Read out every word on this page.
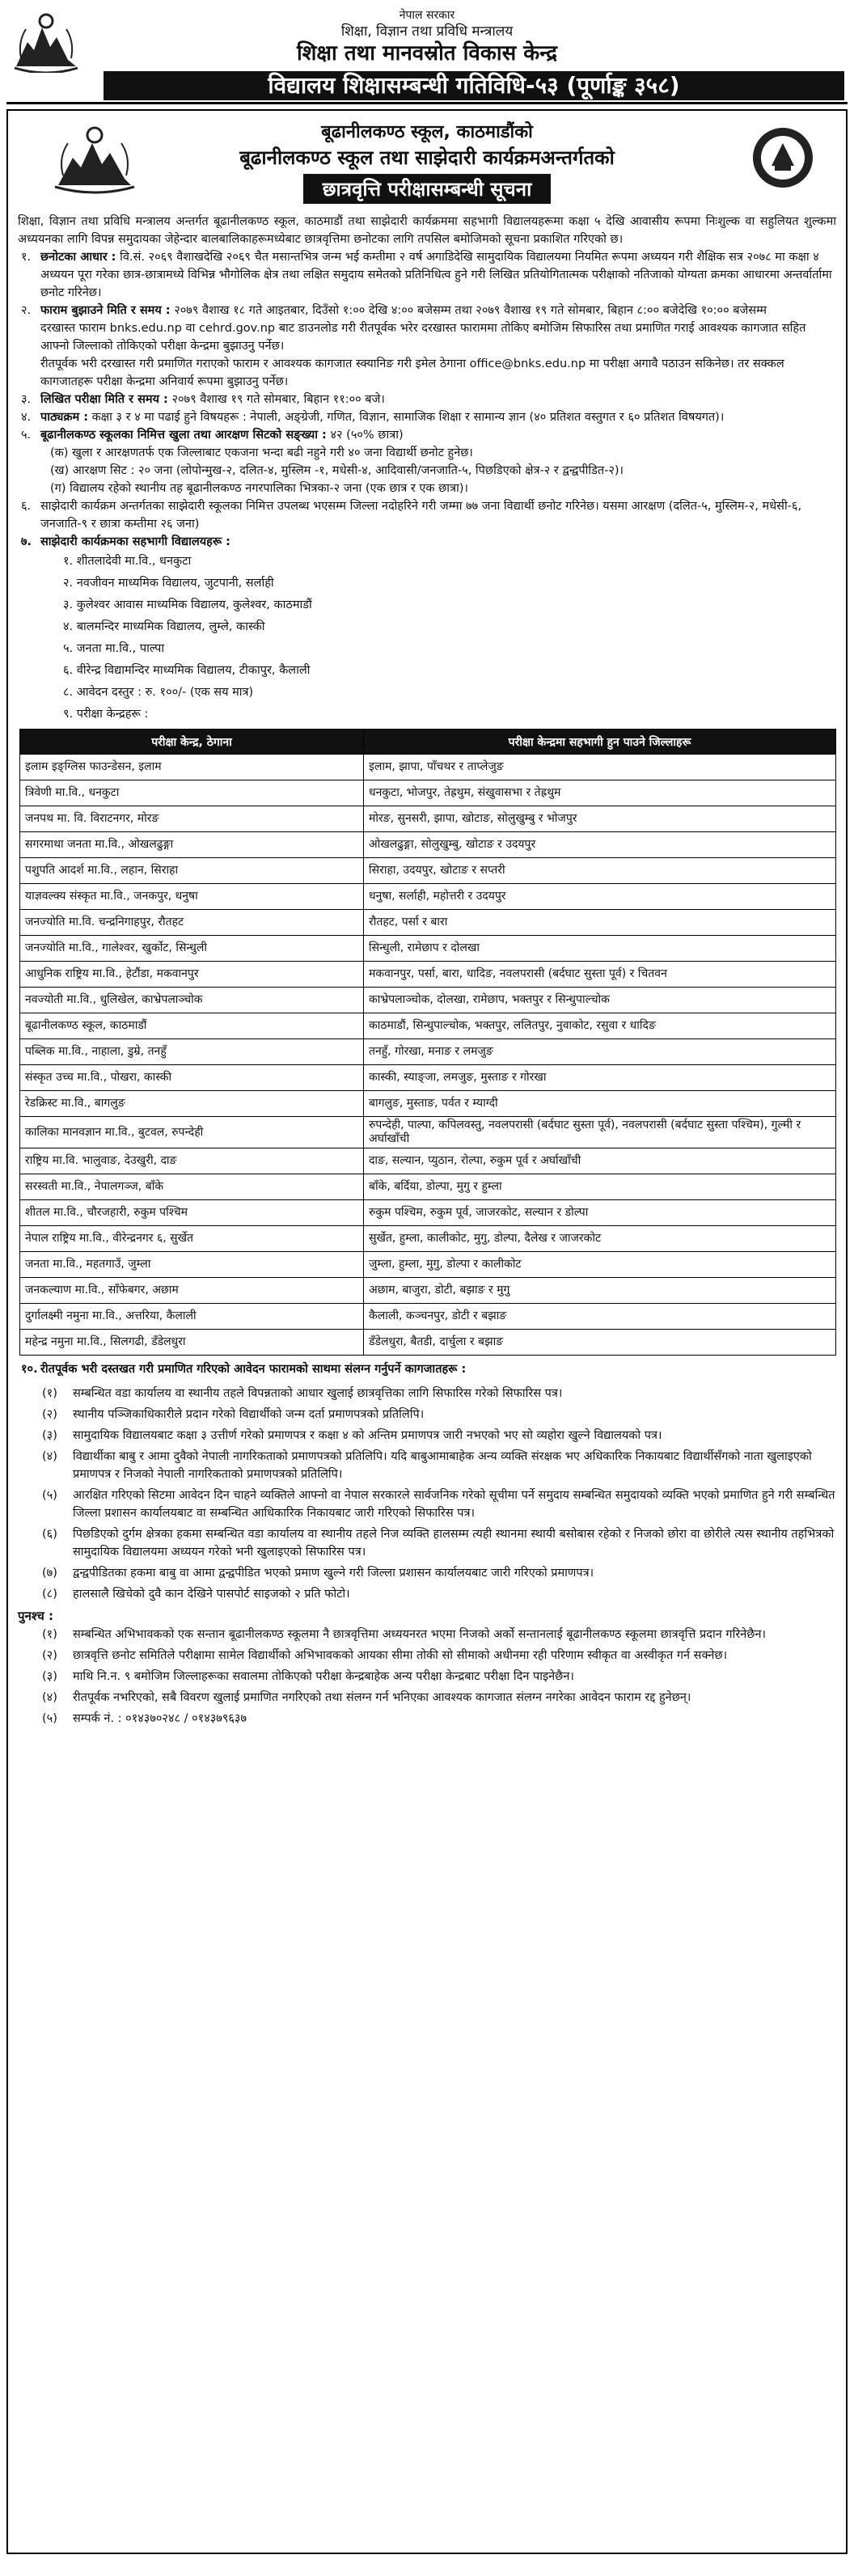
नेपाल सरकार
शिक्षा, विज्ञान तथा प्रविधि मन्त्रालय
शिक्षा तथा मानवस्रोत विकास केन्द्र
विद्यालय शिक्षासम्बन्धी गतिविधि-५३ (पूर्णाङ्क ३५८)
बूढानीलकण्ठ स्कूल, काठमाडौंको
बूढानीलकण्ठ स्कूल तथा साझेदारी कार्यक्रमअन्तर्गतको
छात्रवृत्ति परीक्षासम्बन्धी सूचना

शिक्षा, विज्ञान तथा प्रविधि मन्त्रालय अन्तर्गत बूढानीलकण्ठ स्कूल, काठमाडौं तथा साझेदारी कार्यक्रममा सहभागी विद्यालयहरूमा कक्षा ५ देखि आवासीय रूपमा निःशुल्क वा सहुलियत शुल्कमा अध्ययनका लागि विपन्न समुदायका जेहेन्दार बालबालिकाहरूमध्येबाट छात्रवृत्तिमा छनोटका लागि तपसिल बमोजिमको सूचना प्रकाशित गरिएको छ।

१. छनोटका आधार : वि.सं. २०६९ वैशाखदेखि २०६९ चैत मसान्तभित्र जन्म भई कम्तीमा २ वर्ष अगाडिदेखि सामुदायिक विद्यालयमा नियमित रूपमा अध्ययन गरी शैक्षिक सत्र २०७८ मा कक्षा ४ अध्ययन पूरा गरेका छात्र-छात्रामध्ये विभिन्न भौगोलिक क्षेत्र तथा लक्षित समुदाय समेतको प्रतिनिधित्व हुने गरी लिखित प्रतियोगितात्मक परीक्षाको नतिजाको योग्यता क्रमका आधारमा अन्तर्वार्तामा छनोट गरिनेछ।
२. फाराम बुझाउने मिति र समय : २०७९ वैशाख १८ गते आइतबार, दिउँसो १:०० देखि ४:०० बजेसम्म तथा २०७९ वैशाख १९ गते सोमबार, बिहान ८:०० बजेदेखि १०:०० बजेसम्म
दरखास्त फाराम bnks.edu.np वा cehrd.gov.np बाट डाउनलोड गरी रीतपूर्वक भरेर दरखास्त फाराममा तोकिए बमोजिम सिफारिस तथा प्रमाणित गराई आवश्यक कागजात सहित आफ्नो जिल्लाको तोकिएको परीक्षा केन्द्रमा बुझाउनु पर्नेछ।
रीतपूर्वक भरी दरखास्त गरी प्रमाणित गराएको फाराम र आवश्यक कागजात स्क्यानिङ गरी इमेल ठेगाना office@bnks.edu.np मा परीक्षा अगावै पठाउन सकिनेछ। तर सक्कल कागजातहरू परीक्षा केन्द्रमा अनिवार्य रूपमा बुझाउनु पर्नेछ।
३. लिखित परीक्षा मिति र समय : २०७९ वैशाख १९ गते सोमबार, बिहान ११:०० बजे।
४. पाठ्यक्रम : कक्षा ३ र ४ मा पढाई हुने विषयहरू : नेपाली, अङ्ग्रेजी, गणित, विज्ञान, सामाजिक शिक्षा र सामान्य ज्ञान (४० प्रतिशत वस्तुगत र ६० प्रतिशत विषयगत)।
५. बूढानीलकण्ठ स्कूलका निमित्त खुला तथा आरक्षण सिटको सङ्ख्या : ४२ (५०% छात्रा)
(क) खुला र आरक्षणतर्फ एक जिल्लाबाट एकजना भन्दा बढी नहुने गरी ४० जना विद्यार्थी छनोट हुनेछ।
(ख) आरक्षण सिट : २० जना (लोपोन्मुख-२, दलित-४, मुस्लिम -१, मधेसी-४, आदिवासी/जनजाति-५, पिछडिएको क्षेत्र-२ र द्वन्द्वपीडित-२)।
(ग) विद्यालय रहेको स्थानीय तह बूढानीलकण्ठ नगरपालिका भित्रका-२ जना (एक छात्र र एक छात्रा)।
६. साझेदारी कार्यक्रम अन्तर्गतका साझेदारी स्कूलका निमित्त उपलब्ध भएसम्म जिल्ला नदोहरिने गरी जम्मा ७७ जना विद्यार्थी छनोट गरिनेछ। यसमा आरक्षण (दलित-५, मुस्लिम-२, मधेसी-६, जनजाति-९ र छात्रा कम्तीमा २६ जना)
७. साझेदारी कार्यक्रमका सहभागी विद्यालयहरू :
१. शीतलादेवी मा.वि., धनकुटा
२. नवजीवन माध्यमिक विद्यालय, जुटपानी, सर्लाही
३. कुलेश्वर आवास माध्यमिक विद्यालय, कुलेश्वर, काठमाडौं
४. बालमन्दिर माध्यमिक विद्यालय, लुम्ले, कास्की
५. जनता मा.वि., पाल्पा
६. वीरेन्द्र विद्यामन्दिर माध्यमिक विद्यालय, टीकापुर, कैलाली
८. आवेदन दस्तुर : रु. १००/- (एक सय मात्र)
९. परीक्षा केन्द्रहरू :
परीक्षा केन्द्र, ठेगाना	परीक्षा केन्द्रमा सहभागी हुन पाउने जिल्लाहरू
इलाम इङ्ग्लिस फाउन्डेसन, इलाम	इलाम, झापा, पाँचथर र ताप्लेजुङ
त्रिवेणी मा.वि., धनकुटा	धनकुटा, भोजपुर, तेह्रथुम, संखुवासभा र तेह्रथुम
जनपथ मा. वि. विराटनगर, मोरङ	मोरङ, सुनसरी, झापा, खोटाङ, सोलुखुम्बु र भोजपुर
सगरमाथा जनता मा.वि., ओखलढुङ्गा	ओखलढुङ्गा, सोलुखुम्बु, खोटाङ र उदयपुर
पशुपति आदर्श मा.वि., लहान, सिराहा	सिराहा, उदयपुर, खोटाङ र सप्तरी
याज्ञवल्क्य संस्कृत मा.वि., जनकपुर, धनुषा	धनुषा, सर्लाही, महोत्तरी र उदयपुर
जनज्योति मा.वि. चन्द्रनिगाहपुर, रौतहट	रौतहट, पर्सा र बारा
जनज्योति मा.वि., गालेश्वर, खुर्कोट, सिन्धुली	सिन्धुली, रामेछाप र दोलखा
आधुनिक राष्ट्रिय मा.वि., हेटौंडा, मकवानपुर	मकवानपुर, पर्सा, बारा, धादिङ, नवलपरासी (बर्दघाट सुस्ता पूर्व) र चितवन
नवज्योती मा.वि., धुलिखेल, काभ्रेपलाञ्चोक	काभ्रेपलाञ्चोक, दोलखा, रामेछाप, भक्तपुर र सिन्धुपाल्चोक
बूढानीलकण्ठ स्कूल, काठमाडौं	काठमाडौं, सिन्धुपाल्चोक, भक्तपुर, ललितपुर, नुवाकोट, रसुवा र धादिङ
पब्लिक मा.वि., नाहाला, डुम्रे, तनहुँ	तनहुँ, गोरखा, मनाङ र लमजुङ
संस्कृत उच्च मा.वि., पोखरा, कास्की	कास्की, स्याङ्जा, लमजुङ, मुस्ताङ र गोरखा
रेडक्रिस्ट मा.वि., बागलुङ	बागलुङ, मुस्ताङ, पर्वत र म्याग्दी
कालिका मानवज्ञान मा.वि., बुटवल, रुपन्देही	रुपन्देही, पाल्पा, कपिलवस्तु, नवलपरासी (बर्दघाट सुस्ता पूर्व), नवलपरासी (बर्दघाट सुस्ता पश्चिम), गुल्मी र अर्घाखाँची
राष्ट्रिय मा.वि. भालुवाङ, देउखुरी, दाङ	दाङ, सल्यान, प्युठान, रोल्पा, रुकुम पूर्व र अर्घाखाँची
सरस्वती मा.वि., नेपालगञ्ज, बाँके	बाँके, बर्दिया, डोल्पा, मुगु र हुम्ला
शीतल मा.वि., चौरजहारी, रुकुम पश्चिम	रुकुम पश्चिम, रुकुम पूर्व, जाजरकोट, सल्यान र डोल्पा
नेपाल राष्ट्रिय मा.वि., वीरेन्द्रनगर ६, सुर्खेत	सुर्खेत, हुम्ला, कालीकोट, मुगु, डोल्पा, दैलेख र जाजरकोट
जनता मा.वि., महतगाउँ, जुम्ला	जुम्ला, हुम्ला, मुगु, डोल्पा र कालीकोट
जनकल्याण मा.वि., साँफेबगर, अछाम	अछाम, बाजुरा, डोटी, बझाङ र मुगु
दुर्गालक्ष्मी नमुना मा.वि., अत्तरिया, कैलाली	कैलाली, कञ्चनपुर, डोटी र बझाङ
महेन्द्र नमुना मा.वि., सिलगढी, डँडेलधुरा	डँडेलधुरा, बैतडी, दार्चुला र बझाङ
१०. रीतपूर्वक भरी दस्तखत गरी प्रमाणित गरिएको आवेदन फारामको साथमा संलग्न गर्नुपर्ने कागजातहरू :
(१) सम्बन्धित वडा कार्यालय वा स्थानीय तहले विपन्नताको आधार खुलाई छात्रवृत्तिका लागि सिफारिस गरेको सिफारिस पत्र।
(२) स्थानीय पञ्जिकाधिकारीले प्रदान गरेको विद्यार्थीको जन्म दर्ता प्रमाणपत्रको प्रतिलिपि।
(३) सामुदायिक विद्यालयबाट कक्षा ३ उत्तीर्ण गरेको प्रमाणपत्र र कक्षा ४ को अन्तिम प्रमाणपत्र जारी नभएको भए सो व्यहोरा खुल्ने विद्यालयको पत्र।
(४) विद्यार्थीका बाबु र आमा दुवैको नेपाली नागरिकताको प्रमाणपत्रको प्रतिलिपि। यदि बाबुआमाबाहेक अन्य व्यक्ति संरक्षक भए अधिकारिक निकायबाट विद्यार्थीसँगको नाता खुलाइएको प्रमाणपत्र र निजको नेपाली नागरिकताको प्रमाणपत्रको प्रतिलिपि।
(५) आरक्षित गरिएको सिटमा आवेदन दिन चाहने व्यक्तिले आफ्नो वा नेपाल सरकारले सार्वजनिक गरेको सूचीमा पर्ने समुदाय सम्बन्धित समुदायको व्यक्ति भएको प्रमाणित हुने गरी सम्बन्धित जिल्ला प्रशासन कार्यालयबाट वा सम्बन्धित आधिकारिक निकायबाट जारी गरिएको सिफारिस पत्र।
(६) पिछडिएको दुर्गम क्षेत्रका हकमा सम्बन्धित वडा कार्यालय वा स्थानीय तहले निज व्यक्ति हालसम्म त्यही स्थानमा स्थायी बसोबास रहेको र निजको छोरा वा छोरीले त्यस स्थानीय तहभित्रको सामुदायिक विद्यालयमा अध्ययन गरेको भनी खुलाइएको सिफारिस पत्र।
(७) द्वन्द्वपीडितका हकमा बाबु वा आमा द्वन्द्वपीडित भएको प्रमाण खुल्ने गरी जिल्ला प्रशासन कार्यालयबाट जारी गरिएको प्रमाणपत्र।
(८) हालसालै खिचेको दुवै कान देखिने पासपोर्ट साइजको २ प्रति फोटो।
पुनश्च :
(१) सम्बन्धित अभिभावकको एक सन्तान बूढानीलकण्ठ स्कूलमा नै छात्रवृत्तिमा अध्ययनरत भएमा निजको अर्को सन्तानलाई बूढानीलकण्ठ स्कूलमा छात्रवृत्ति प्रदान गरिनेछैन।
(२) छात्रवृत्ति छनोट समितिले परीक्षामा सामेल विद्यार्थीको अभिभावकको आयका सीमा तोकी सो सीमाको अधीनमा रही परिणाम स्वीकृत वा अस्वीकृत गर्न सक्नेछ।
(३) माथि नि.न. ९ बमोजिम जिल्लाहरूका सवालमा तोकिएको परीक्षा केन्द्रबाहेक अन्य परीक्षा केन्द्रबाट परीक्षा दिन पाइनेछैन।
(४) रीतपूर्वक नभरिएको, सबै विवरण खुलाई प्रमाणित नगरिएको तथा संलग्न गर्न भनिएका आवश्यक कागजात संलग्न नगरेका आवेदन फाराम रद्द हुनेछन्।
(५) सम्पर्क नं. : ०१४३७०२४८ / ०१४३७९६३७
